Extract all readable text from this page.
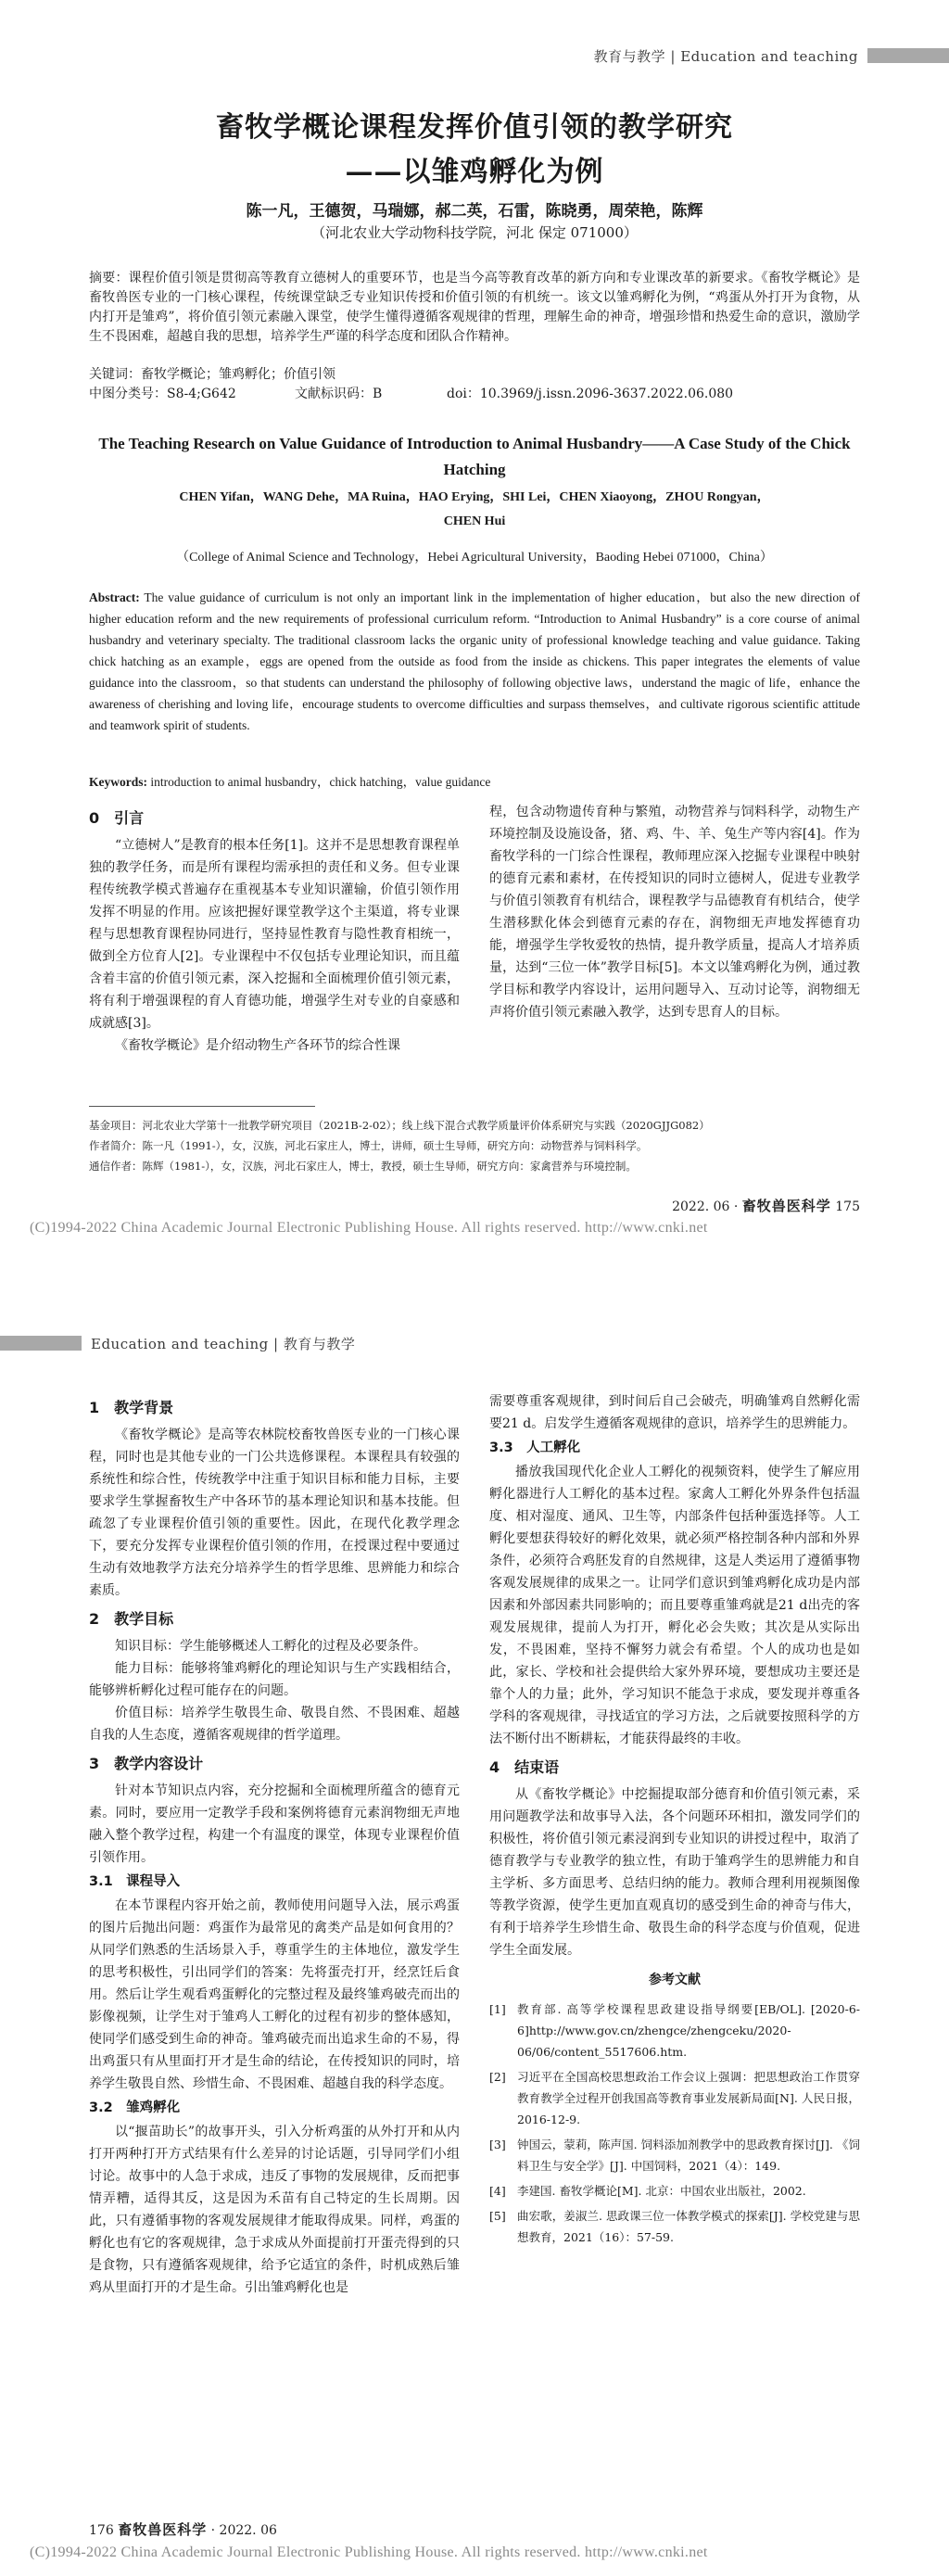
教育与教学 | Education and teaching
畜牧学概论课程发挥价值引领的教学研究
——以雏鸡孵化为例
陈一凡，王德贺，马瑞娜，郝二英，石雷，陈晓勇，周荣艳，陈辉
（河北农业大学动物科技学院，河北 保定 071000）
摘要：课程价值引领是贯彻高等教育立德树人的重要环节，也是当今高等教育改革的新方向和专业课改革的新要求。《畜牧学概论》是畜牧兽医专业的一门核心课程，传统课堂缺乏专业知识传授和价值引领的有机统一。该文以雏鸡孵化为例，“鸡蛋从外打开为食物，从内打开是雏鸡”，将价值引领元素融入课堂，使学生懂得遵循客观规律的哲理，理解生命的神奇，增强珍惜和热爱生命的意识，激励学生不畏困难，超越自我的思想，培养学生严谨的科学态度和团队合作精神。
关键词：畜牧学概论；雏鸡孵化；价值引领
中图分类号：S8-4;G642	文献标识码：B	doi：10.3969/j.issn.2096-3637.2022.06.080
The Teaching Research on Value Guidance of Introduction to Animal Husbandry——A Case Study of the Chick Hatching
CHEN Yifan，WANG Dehe，MA Ruina，HAO Erying，SHI Lei，CHEN Xiaoyong，ZHOU Rongyan，
CHEN Hui
（College of Animal Science and Technology，Hebei Agricultural University，Baoding Hebei 071000，China）
Abstract: The value guidance of curriculum is not only an important link in the implementation of higher education，but also the new direction of higher education reform and the new requirements of professional curriculum reform. “Introduction to Animal Husbandry” is a core course of animal husbandry and veterinary specialty. The traditional classroom lacks the organic unity of professional knowledge teaching and value guidance. Taking chick hatching as an example，eggs are opened from the outside as food from the inside as chickens. This paper integrates the elements of value guidance into the classroom，so that students can understand the philosophy of following objective laws，understand the magic of life，enhance the awareness of cherishing and loving life，encourage students to overcome difficulties and surpass themselves，and cultivate rigorous scientific attitude and teamwork spirit of students.
Keywords: introduction to animal husbandry，chick hatching，value guidance
0　引言

“立德树人”是教育的根本任务[1]。这并不是思想教育课程单独的教学任务，而是所有课程均需承担的责任和义务。但专业课程传统教学模式普遍存在重视基本专业知识灌输，价值引领作用发挥不明显的作用。应该把握好课堂教学这个主渠道，将专业课程与思想教育课程协同进行，坚持显性教育与隐性教育相统一，做到全方位育人[2]。专业课程中不仅包括专业理论知识，而且蕴含着丰富的价值引领元素，深入挖掘和全面梳理价值引领元素，将有利于增强课程的育人育德功能，增强学生对专业的自豪感和成就感[3]。

《畜牧学概论》是介绍动物生产各环节的综合性课

程，包含动物遗传育种与繁殖，动物营养与饲料科学，动物生产环境控制及设施设备，猪、鸡、牛、羊、兔生产等内容[4]。作为畜牧学科的一门综合性课程，教师理应深入挖掘专业课程中映射的德育元素和素材，在传授知识的同时立德树人，促进专业教学与价值引领教育有机结合，课程教学与品德教育有机结合，使学生潜移默化体会到德育元素的存在，润物细无声地发挥德育功能，增强学生学牧爱牧的热情，提升教学质量，提高人才培养质量，达到“三位一体”教学目标[5]。本文以雏鸡孵化为例，通过教学目标和教学内容设计，运用问题导入、互动讨论等，润物细无声将价值引领元素融入教学，达到专思育人的目标。

基金项目：河北农业大学第十一批教学研究项目（2021B-2-02）；线上线下混合式教学质量评价体系研究与实践（2020GJJG082）
作者简介：陈一凡（1991-），女，汉族，河北石家庄人，博士，讲师，硕士生导师，研究方向：动物营养与饲料科学。
通信作者：陈辉（1981-），女，汉族，河北石家庄人，博士，教授，硕士生导师，研究方向：家禽营养与环境控制。
2022. 06 · 畜牧兽医科学 175
(C)1994-2022 China Academic Journal Electronic Publishing House. All rights reserved. http://www.cnki.net
Education and teaching | 教育与教学
1　教学背景

《畜牧学概论》是高等农林院校畜牧兽医专业的一门核心课程，同时也是其他专业的一门公共选修课程。本课程具有较强的系统性和综合性，传统教学中注重于知识目标和能力目标，主要要求学生掌握畜牧生产中各环节的基本理论知识和基本技能。但疏忽了专业课程价值引领的重要性。因此，在现代化教学理念下，要充分发挥专业课程价值引领的作用，在授课过程中要通过生动有效地教学方法充分培养学生的哲学思维、思辨能力和综合素质。

2　教学目标

知识目标：学生能够概述人工孵化的过程及必要条件。

能力目标：能够将雏鸡孵化的理论知识与生产实践相结合，能够辨析孵化过程可能存在的问题。

价值目标：培养学生敬畏生命、敬畏自然、不畏困难、超越自我的人生态度，遵循客观规律的哲学道理。

3　教学内容设计

针对本节知识点内容，充分挖掘和全面梳理所蕴含的德育元素。同时，要应用一定教学手段和案例将德育元素润物细无声地融入整个教学过程，构建一个有温度的课堂，体现专业课程价值引领作用。

3.1　课程导入

在本节课程内容开始之前，教师使用问题导入法，展示鸡蛋的图片后抛出问题：鸡蛋作为最常见的禽类产品是如何食用的？从同学们熟悉的生活场景入手，尊重学生的主体地位，激发学生的思考积极性，引出同学们的答案：先将蛋壳打开，经烹饪后食用。然后让学生观看鸡蛋孵化的完整过程及最终雏鸡破壳而出的影像视频，让学生对于雏鸡人工孵化的过程有初步的整体感知，使同学们感受到生命的神奇。雏鸡破壳而出追求生命的不易，得出鸡蛋只有从里面打开才是生命的结论，在传授知识的同时，培养学生敬畏自然、珍惜生命、不畏困难、超越自我的科学态度。

3.2　雏鸡孵化

以“揠苗助长”的故事开头，引入分析鸡蛋的从外打开和从内打开两种打开方式结果有什么差异的讨论话题，引导同学们小组讨论。故事中的人急于求成，违反了事物的发展规律，反而把事情弄糟，适得其反，这是因为禾苗有自己特定的生长周期。因此，只有遵循事物的客观发展规律才能取得成果。同样，鸡蛋的孵化也有它的客观规律，急于求成从外面提前打开蛋壳得到的只是食物，只有遵循客观规律，给予它适宜的条件，时机成熟后雏鸡从里面打开的才是生命。引出雏鸡孵化也是

需要尊重客观规律，到时间后自己会破壳，明确雏鸡自然孵化需要21 d。启发学生遵循客观规律的意识，培养学生的思辨能力。

3.3　人工孵化

播放我国现代化企业人工孵化的视频资料，使学生了解应用孵化器进行人工孵化的基本过程。家禽人工孵化外界条件包括温度、相对湿度、通风、卫生等，内部条件包括种蛋选择等。人工孵化要想获得较好的孵化效果，就必须严格控制各种内部和外界条件，必须符合鸡胚发育的自然规律，这是人类运用了遵循事物客观发展规律的成果之一。让同学们意识到雏鸡孵化成功是内部因素和外部因素共同影响的；而且要尊重雏鸡就是21 d出壳的客观发展规律，提前人为打开，孵化必会失败；其次是从实际出发，不畏困难，坚持不懈努力就会有希望。个人的成功也是如此，家长、学校和社会提供给大家外界环境，要想成功主要还是靠个人的力量；此外，学习知识不能急于求成，要发现并尊重各学科的客观规律，寻找适宜的学习方法，之后就要按照科学的方法不断付出不断耕耘，才能获得最终的丰收。

4　结束语

从《畜牧学概论》中挖掘提取部分德育和价值引领元素，采用问题教学法和故事导入法，各个问题环环相扣，激发同学们的积极性，将价值引领元素浸润到专业知识的讲授过程中，取消了德育教学与专业教学的独立性，有助于雏鸡学生的思辨能力和自主学析、多方面思考、总结归纳的能力。教师合理利用视频图像等教学资源，使学生更加直观真切的感受到生命的神奇与伟大，有利于培养学生珍惜生命、敬畏生命的科学态度与价值观，促进学生全面发展。

参考文献
[1] 教育部. 高等学校课程思政建设指导纲要[EB/OL]. [2020-6-6]http://www.gov.cn/zhengce/zhengceku/2020-06/06/content_5517606.htm.
[2] 习近平在全国高校思想政治工作会议上强调：把思想政治工作贯穿教育教学全过程开创我国高等教育事业发展新局面[N]. 人民日报，2016-12-9.
[3] 钟国云，蒙莉，陈声国. 饲料添加剂教学中的思政教育探讨[J]. 《饲料卫生与安全学》[J]. 中国饲料，2021（4）：149.
[4] 李建国. 畜牧学概论[M]. 北京：中国农业出版社，2002.
[5] 曲宏歌，姜淑兰. 思政课三位一体教学模式的探索[J]. 学校党建与思想教育，2021（16）：57-59.
176 畜牧兽医科学 · 2022. 06
(C)1994-2022 China Academic Journal Electronic Publishing House. All rights reserved. http://www.cnki.net
